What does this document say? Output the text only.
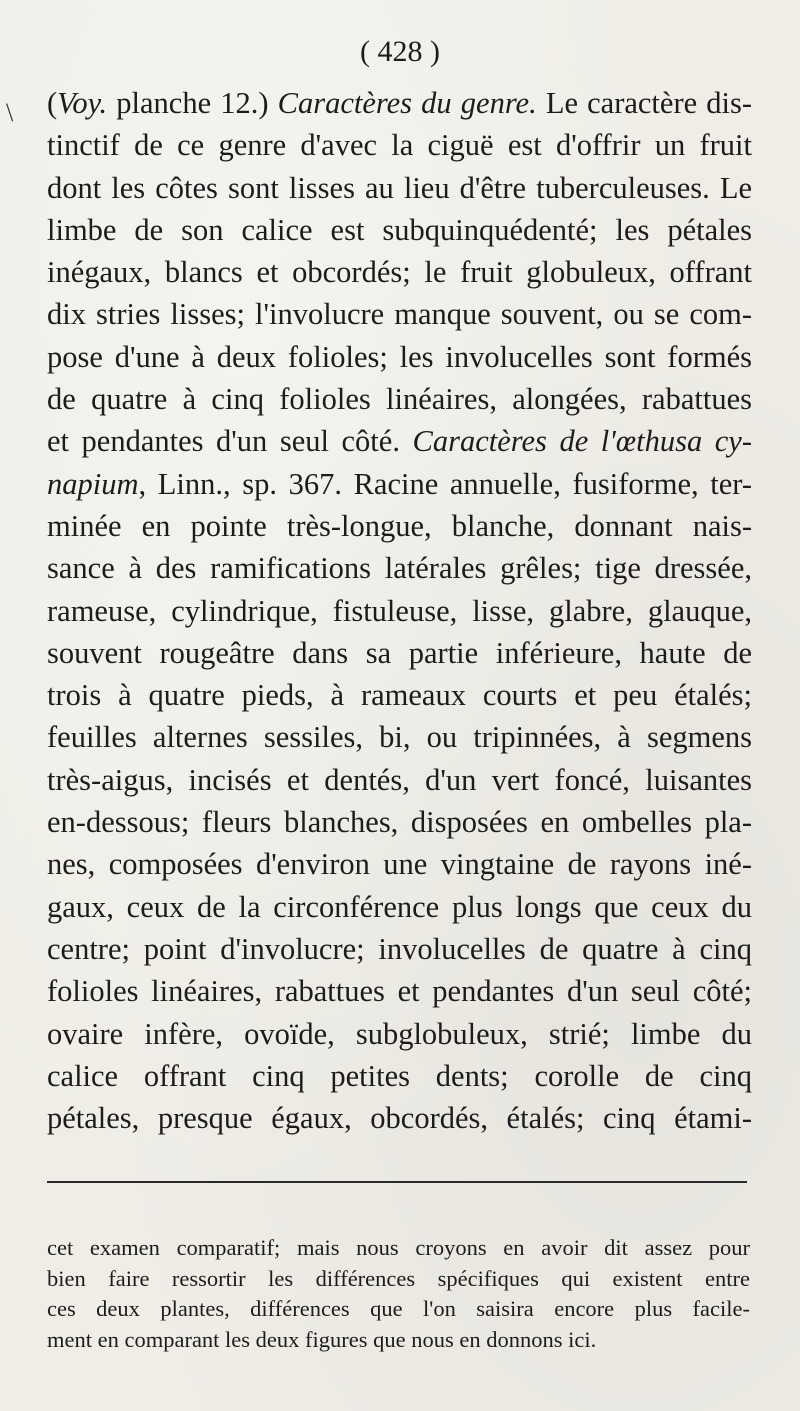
\
( 428 )
(Voy. planche 12.) Caractères du genre. Le caractère dis-
tinctif de ce genre d'avec la ciguë est d'offrir un fruit
dont les côtes sont lisses au lieu d'être tuberculeuses. Le
limbe de son calice est subquinquédenté; les pétales
inégaux, blancs et obcordés; le fruit globuleux, offrant
dix stries lisses; l'involucre manque souvent, ou se com-
pose d'une à deux folioles; les involucelles sont formés
de quatre à cinq folioles linéaires, alongées, rabattues
et pendantes d'un seul côté. Caractères de l'œthusa cy-
napium, Linn., sp. 367. Racine annuelle, fusiforme, ter-
minée en pointe très-longue, blanche, donnant nais-
sance à des ramifications latérales grêles; tige dressée,
rameuse, cylindrique, fistuleuse, lisse, glabre, glauque,
souvent rougeâtre dans sa partie inférieure, haute de
trois à quatre pieds, à rameaux courts et peu étalés;
feuilles alternes sessiles, bi, ou tripinnées, à segmens
très-aigus, incisés et dentés, d'un vert foncé, luisantes
en-dessous; fleurs blanches, disposées en ombelles pla-
nes, composées d'environ une vingtaine de rayons iné-
gaux, ceux de la circonférence plus longs que ceux du
centre; point d'involucre; involucelles de quatre à cinq
folioles linéaires, rabattues et pendantes d'un seul côté;
ovaire infère, ovoïde, subglobuleux, strié; limbe du
calice offrant cinq petites dents; corolle de cinq
pétales, presque égaux, obcordés, étalés; cinq étami-
cet examen comparatif; mais nous croyons en avoir dit assez pour
bien faire ressortir les différences spécifiques qui existent entre
ces deux plantes, différences que l'on saisira encore plus facile-
ment en comparant les deux figures que nous en donnons ici.
